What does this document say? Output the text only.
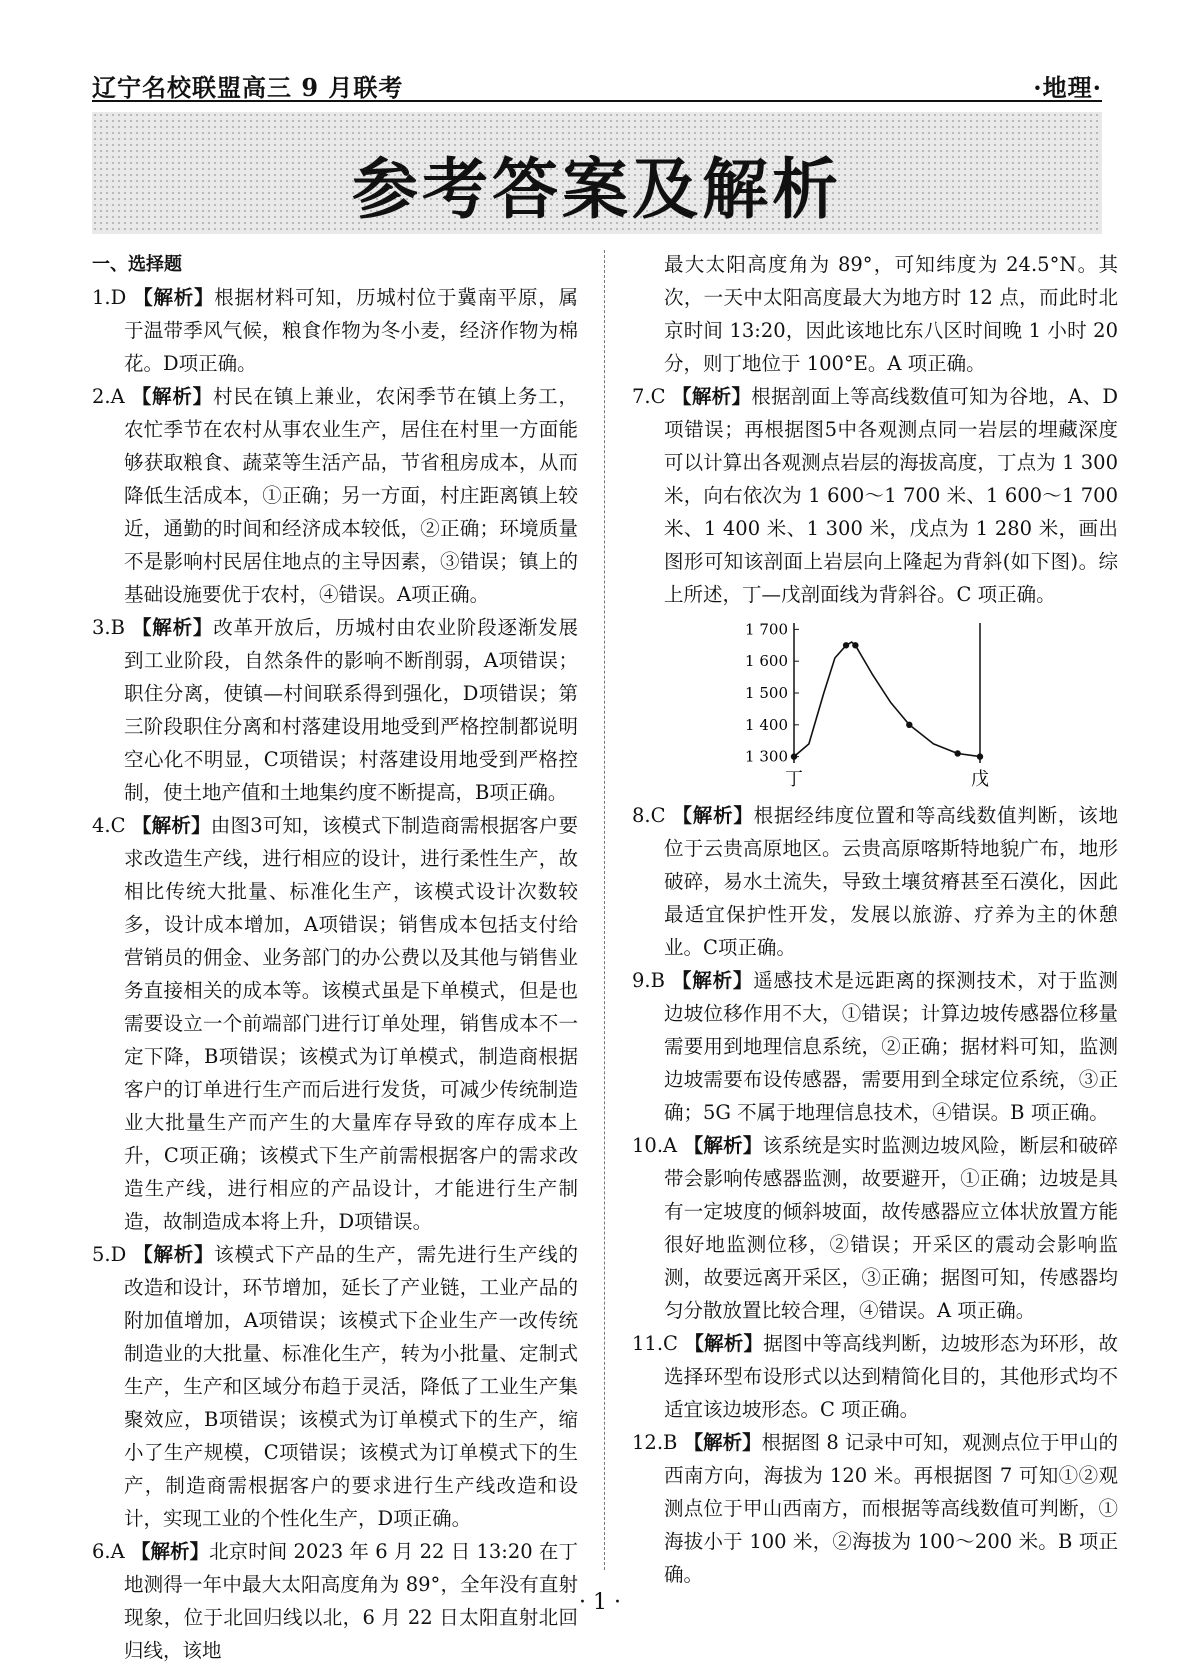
辽宁名校联盟高三 9 月联考	·地理·
参考答案及解析
一、选择题

1.D 【解析】根据材料可知，历城村位于冀南平原，属于温带季风气候，粮食作物为冬小麦，经济作物为棉花。D项正确。

2.A 【解析】村民在镇上兼业，农闲季节在镇上务工，农忙季节在农村从事农业生产，居住在村里一方面能够获取粮食、蔬菜等生活产品，节省租房成本，从而降低生活成本，①正确；另一方面，村庄距离镇上较近，通勤的时间和经济成本较低，②正确；环境质量不是影响村民居住地点的主导因素，③错误；镇上的基础设施要优于农村，④错误。A项正确。

3.B 【解析】改革开放后，历城村由农业阶段逐渐发展到工业阶段，自然条件的影响不断削弱，A项错误；职住分离，使镇—村间联系得到强化，D项错误；第三阶段职住分离和村落建设用地受到严格控制都说明空心化不明显，C项错误；村落建设用地受到严格控制，使土地产值和土地集约度不断提高，B项正确。

4.C 【解析】由图3可知，该模式下制造商需根据客户要求改造生产线，进行相应的设计，进行柔性生产，故相比传统大批量、标准化生产，该模式设计次数较多，设计成本增加，A项错误；销售成本包括支付给营销员的佣金、业务部门的办公费以及其他与销售业务直接相关的成本等。该模式虽是下单模式，但是也需要设立一个前端部门进行订单处理，销售成本不一定下降，B项错误；该模式为订单模式，制造商根据客户的订单进行生产而后进行发货，可减少传统制造业大批量生产而产生的大量库存导致的库存成本上升，C项正确；该模式下生产前需根据客户的需求改造生产线，进行相应的产品设计，才能进行生产制造，故制造成本将上升，D项错误。

5.D 【解析】该模式下产品的生产，需先进行生产线的改造和设计，环节增加，延长了产业链，工业产品的附加值增加，A项错误；该模式下企业生产一改传统制造业的大批量、标准化生产，转为小批量、定制式生产，生产和区域分布趋于灵活，降低了工业生产集聚效应，B项错误；该模式为订单模式下的生产，缩小了生产规模，C项错误；该模式为订单模式下的生产，制造商需根据客户的要求进行生产线改造和设计，实现工业的个性化生产，D项正确。

6.A 【解析】北京时间 2023 年 6 月 22 日 13:20 在丁地测得一年中最大太阳高度角为 89°，全年没有直射现象，位于北回归线以北，6 月 22 日太阳直射北回归线，该地

最大太阳高度角为 89°，可知纬度为 24.5°N。其次，一天中太阳高度最大为地方时 12 点，而此时北京时间 13:20，因此该地比东八区时间晚 1 小时 20 分，则丁地位于 100°E。A 项正确。

7.C 【解析】根据剖面上等高线数值可知为谷地，A、D项错误；再根据图5中各观测点同一岩层的埋藏深度可以计算出各观测点岩层的海拔高度，丁点为 1 300 米，向右依次为 1 600～1 700 米、1 600～1 700 米、1 400 米、1 300 米，戊点为 1 280 米，画出图形可知该剖面上岩层向上隆起为背斜(如下图)。综上所述，丁—戊剖面线为背斜谷。C 项正确。

1 700
1 600
1 500
1 400
1 300
丁	戊

8.C 【解析】根据经纬度位置和等高线数值判断，该地位于云贵高原地区。云贵高原喀斯特地貌广布，地形破碎，易水土流失，导致土壤贫瘠甚至石漠化，因此最适宜保护性开发，发展以旅游、疗养为主的休憩业。C项正确。

9.B 【解析】遥感技术是远距离的探测技术，对于监测边坡位移作用不大，①错误；计算边坡传感器位移量需要用到地理信息系统，②正确；据材料可知，监测边坡需要布设传感器，需要用到全球定位系统，③正确；5G 不属于地理信息技术，④错误。B 项正确。

10.A 【解析】该系统是实时监测边坡风险，断层和破碎带会影响传感器监测，故要避开，①正确；边坡是具有一定坡度的倾斜坡面，故传感器应立体状放置方能很好地监测位移，②错误；开采区的震动会影响监测，故要远离开采区，③正确；据图可知，传感器均匀分散放置比较合理，④错误。A 项正确。

11.C 【解析】据图中等高线判断，边坡形态为环形，故选择环型布设形式以达到精简化目的，其他形式均不适宜该边坡形态。C 项正确。

12.B 【解析】根据图 8 记录中可知，观测点位于甲山的西南方向，海拔为 120 米。再根据图 7 可知①②观测点位于甲山西南方，而根据等高线数值可判断，①海拔小于 100 米，②海拔为 100～200 米。B 项正确。

· 1 ·
